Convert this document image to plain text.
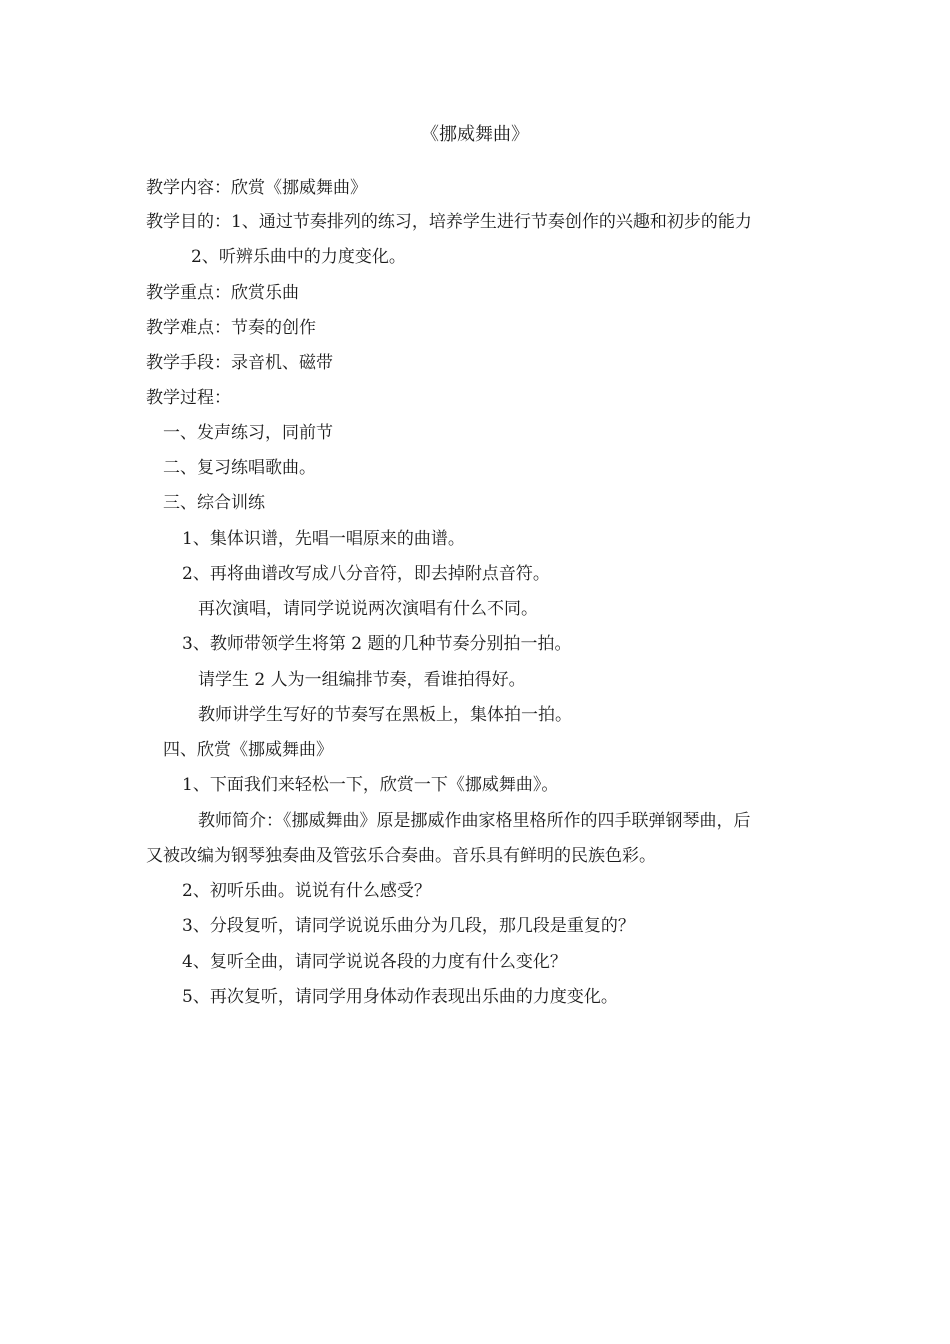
《挪威舞曲》
教学内容：欣赏《挪威舞曲》
教学目的：1、通过节奏排列的练习，培养学生进行节奏创作的兴趣和初步的能力
2、听辨乐曲中的力度变化。
教学重点：欣赏乐曲
教学难点：节奏的创作
教学手段：录音机、磁带
教学过程：
一、发声练习，同前节
二、复习练唱歌曲。
三、综合训练
1、集体识谱，先唱一唱原来的曲谱。
2、再将曲谱改写成八分音符，即去掉附点音符。
再次演唱，请同学说说两次演唱有什么不同。
3、教师带领学生将第 2 题的几种节奏分别拍一拍。
请学生 2 人为一组编排节奏，看谁拍得好。
教师讲学生写好的节奏写在黑板上，集体拍一拍。
四、欣赏《挪威舞曲》
1、下面我们来轻松一下，欣赏一下《挪威舞曲》。
教师简介：《挪威舞曲》原是挪威作曲家格里格所作的四手联弹钢琴曲，后
又被改编为钢琴独奏曲及管弦乐合奏曲。音乐具有鲜明的民族色彩。
2、初听乐曲。说说有什么感受？
3、分段复听，请同学说说乐曲分为几段，那几段是重复的？
4、复听全曲，请同学说说各段的力度有什么变化？
5、再次复听，请同学用身体动作表现出乐曲的力度变化。
